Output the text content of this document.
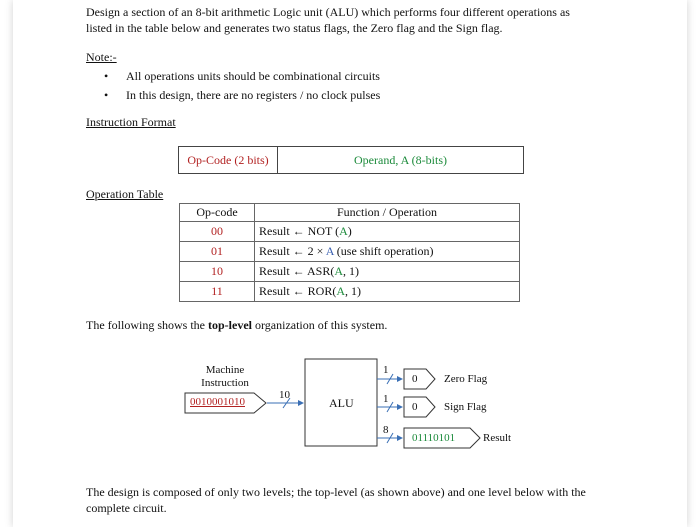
Design a section of an 8-bit arithmetic Logic unit (ALU) which performs four different operations as
listed in the table below and generates two status flags, the Zero flag and the Sign flag.
Note:-
• All operations units should be combinational circuits
• In this design, there are no registers / no clock pulses
Instruction Format
Op-Code (2 bits)	Operand, A (8-bits)
Operation Table
Op-code	Function / Operation
00	Result ← NOT (A)
01	Result ← 2 × A (use shift operation)
10	Result ← ASR(A, 1)
11	Result ← ROR(A, 1)
The following shows the top-level organization of this system.
Machine
Instruction
0010001010
10
ALU
1
0 Zero Flag
1
0 Sign Flag
8
01110101	Result
The design is composed of only two levels; the top-level (as shown above) and one level below with the
complete circuit.
